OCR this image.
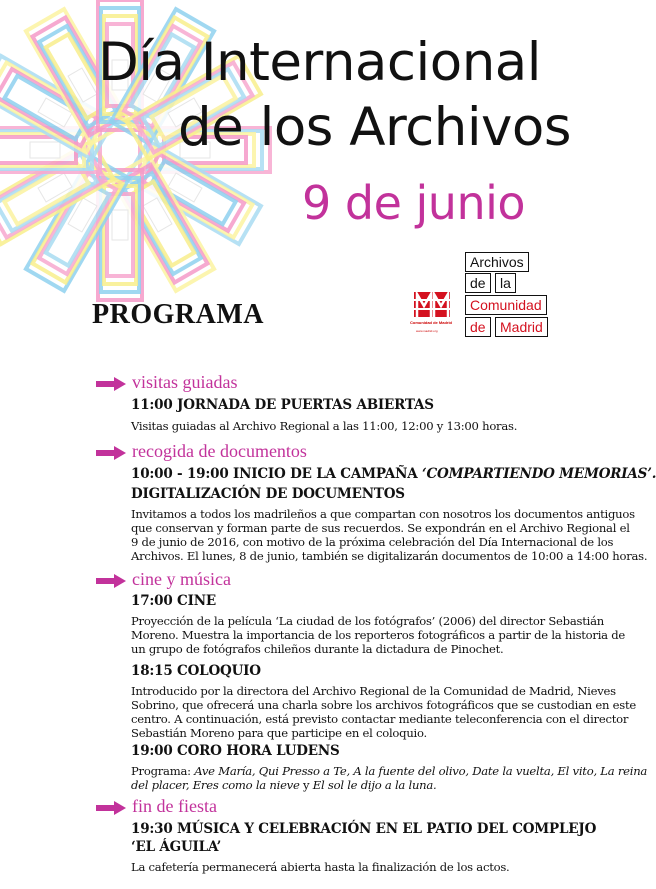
Día Internacional
de los Archivos
9 de junio
PROGRAMA	Comunidad de Madrid
www.madrid.org
Archivos
de	la
Comunidad
de	Madrid
visitas guiadas
11:00 JORNADA DE PUERTAS ABIERTAS
Visitas guiadas al Archivo Regional a las 11:00, 12:00 y 13:00 horas.
recogida de documentos
10:00 - 19:00 INICIO DE LA CAMPAÑA ‘COMPARTIENDO MEMORIAS’.
DIGITALIZACIÓN DE DOCUMENTOS
Invitamos a todos los madrileños a que compartan con nosotros los documentos antiguos
que conservan y forman parte de sus recuerdos. Se expondrán en el Archivo Regional el
9 de junio de 2016, con motivo de la próxima celebración del Día Internacional de los
Archivos. El lunes, 8 de junio, también se digitalizarán documentos de 10:00 a 14:00 horas.
cine y música
17:00 CINE
Proyección de la película ‘La ciudad de los fotógrafos’ (2006) del director Sebastián
Moreno. Muestra la importancia de los reporteros fotográficos a partir de la historia de
un grupo de fotógrafos chileños durante la dictadura de Pinochet.
18:15 COLOQUIO
Introducido por la directora del Archivo Regional de la Comunidad de Madrid, Nieves
Sobrino, que ofrecerá una charla sobre los archivos fotográficos que se custodian en este
centro. A continuación, está previsto contactar mediante teleconferencia con el director
Sebastián Moreno para que participe en el coloquio.
19:00 CORO HORA LUDENS
Programa: Ave María, Qui Presso a Te, A la fuente del olivo, Date la vuelta, El vito, La reina
del placer, Eres como la nieve y El sol le dijo a la luna.
fin de fiesta
19:30 MÚSICA Y CELEBRACIÓN EN EL PATIO DEL COMPLEJO
‘EL ÁGUILA’
La cafetería permanecerá abierta hasta la finalización de los actos.
